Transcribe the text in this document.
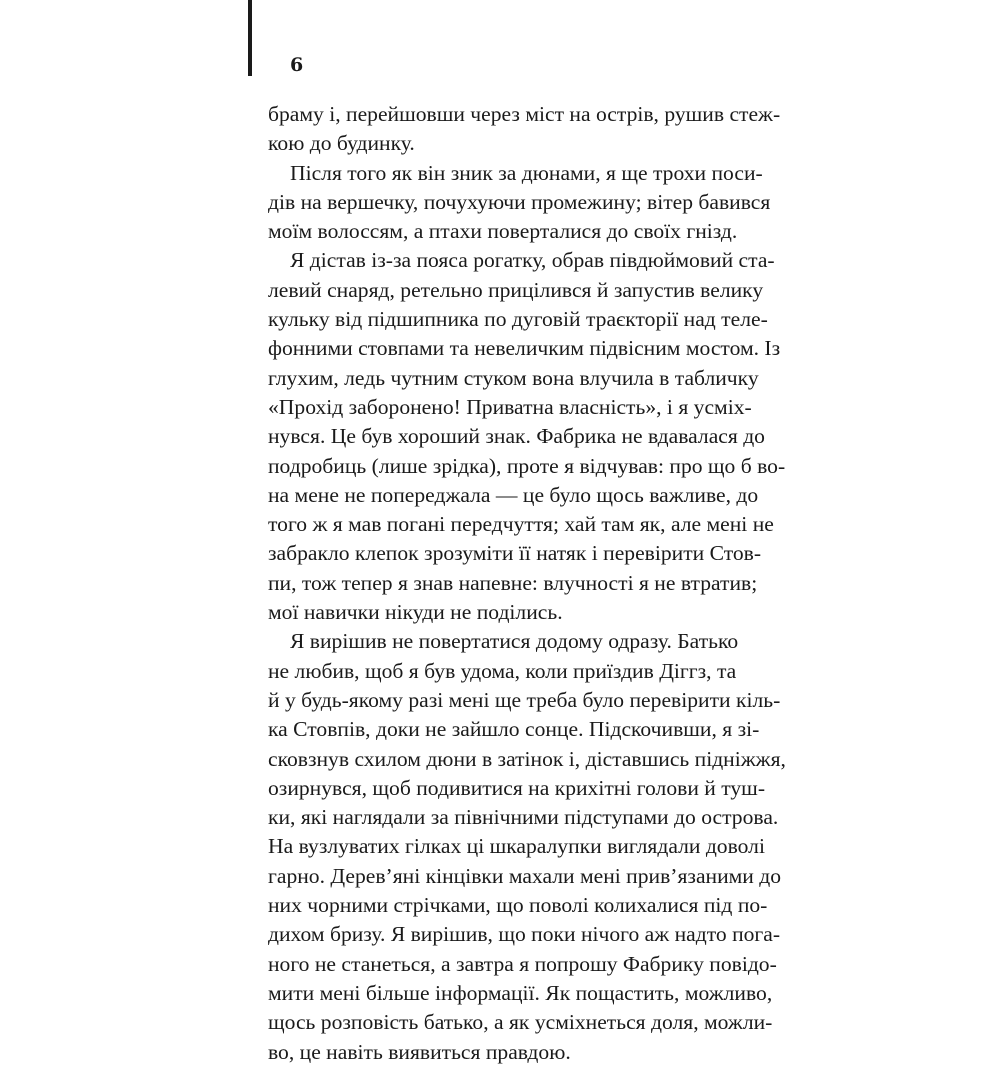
6
браму і, перейшовши через міст на острів, рушив стеж-
кою до будинку.
Після того як він зник за дюнами, я ще трохи поси-
дів на вершечку, почухуючи промежину; вітер бавився
моїм волоссям, а птахи поверталися до своїх гнізд.
Я дістав із-за пояса рогатку, обрав півдюймовий ста-
левий снаряд, ретельно прицілився й запустив велику
кульку від підшипника по дуговій траєкторії над теле-
фонними стовпами та невеличким підвісним мостом. Із
глухим, ледь чутним стуком вона влучила в табличку
«Прохід заборонено! Приватна власність», і я усміх-
нувся. Це був хороший знак. Фабрика не вдавалася до
подробиць (лише зрідка), проте я відчував: про що б во-
на мене не попереджала — це було щось важливе, до
того ж я мав погані передчуття; хай там як, але мені не
забракло клепок зрозуміти її натяк і перевірити Стов-
пи, тож тепер я знав напевне: влучності я не втратив;
мої навички нікуди не поділись.
Я вирішив не повертатися додому одразу. Батько
не любив, щоб я був удома, коли приїздив Діггз, та
й у будь-якому разі мені ще треба було перевірити кіль-
ка Стовпів, доки не зайшло сонце. Підскочивши, я зі-
сковзнув схилом дюни в затінок і, діставшись підніжжя,
озирнувся, щоб подивитися на крихітні голови й туш-
ки, які наглядали за північними підступами до острова.
На вузлуватих гілках ці шкаралупки виглядали доволі
гарно. Дерев’яні кінцівки махали мені прив’язаними до
них чорними стрічками, що поволі колихалися під по-
дихом бризу. Я вирішив, що поки нічого аж надто пога-
ного не станеться, а завтра я попрошу Фабрику повідо-
мити мені більше інформації. Як пощастить, можливо,
щось розповість батько, а як усміхнеться доля, можли-
во, це навіть виявиться правдою.
